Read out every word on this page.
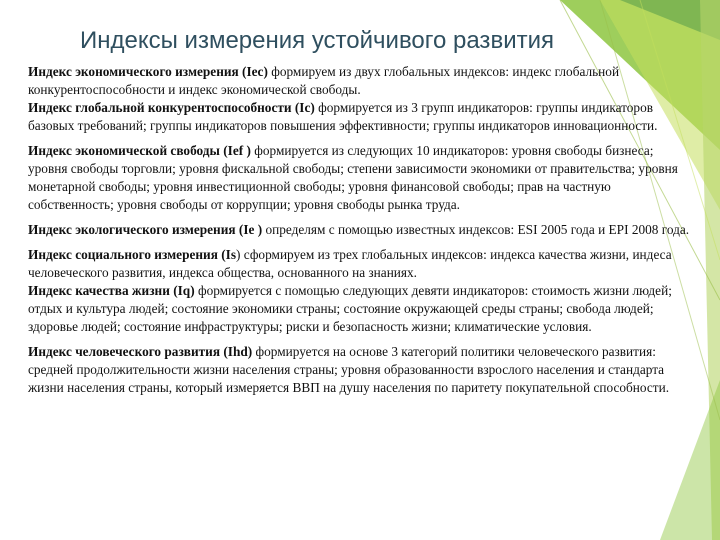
Индексы измерения устойчивого развития

Индекс экономического измерения (Iec) формируем из двух глобальных индексов: индекс глобальной конкурентоспособности и индекс экономической свободы.

Индекс глобальной конкурентоспособности (Ic) формируется из 3 групп индикаторов: группы индикаторов базовых требований; группы индикаторов повышения эффективности; группы индикаторов инновационности.

Индекс экономической свободы (Ief ) формируется из следующих 10 индикаторов: уровня свободы бизнеса; уровня свободы торговли; уровня фискальной свободы; степени зависимости экономики от правительства; уровня монетарной свободы; уровня инвестиционной свободы; уровня финансовой свободы; прав на частную собственность; уровня свободы от коррупции; уровня свободы рынка труда.

Индекс экологического измерения (Ie ) определям с помощью известных индексов: ESI 2005 года и EPI 2008 года.

Индекс социального измерения (Is) сформируем из трех глобальных индексов: индекса качества жизни, индеса человеческого развития, индекса общества, основанного на знаниях.

Индекс качества жизни (Iq) формируется с помощью следующих девяти индикаторов: стоимость жизни людей; отдых и культура людей; состояние экономики страны; состояние окружающей среды страны; свобода людей; здоровье людей; состояние инфраструктуры; риски и безопасность жизни; климатические условия.

Индекс человеческого развития (Ihd) формируется на основе 3 категорий политики человеческого развития: средней продолжительности жизни населения страны; уровня образованности взрослого населения и стандарта жизни населения страны, который измеряется ВВП на душу населения по паритету покупательной способности.
